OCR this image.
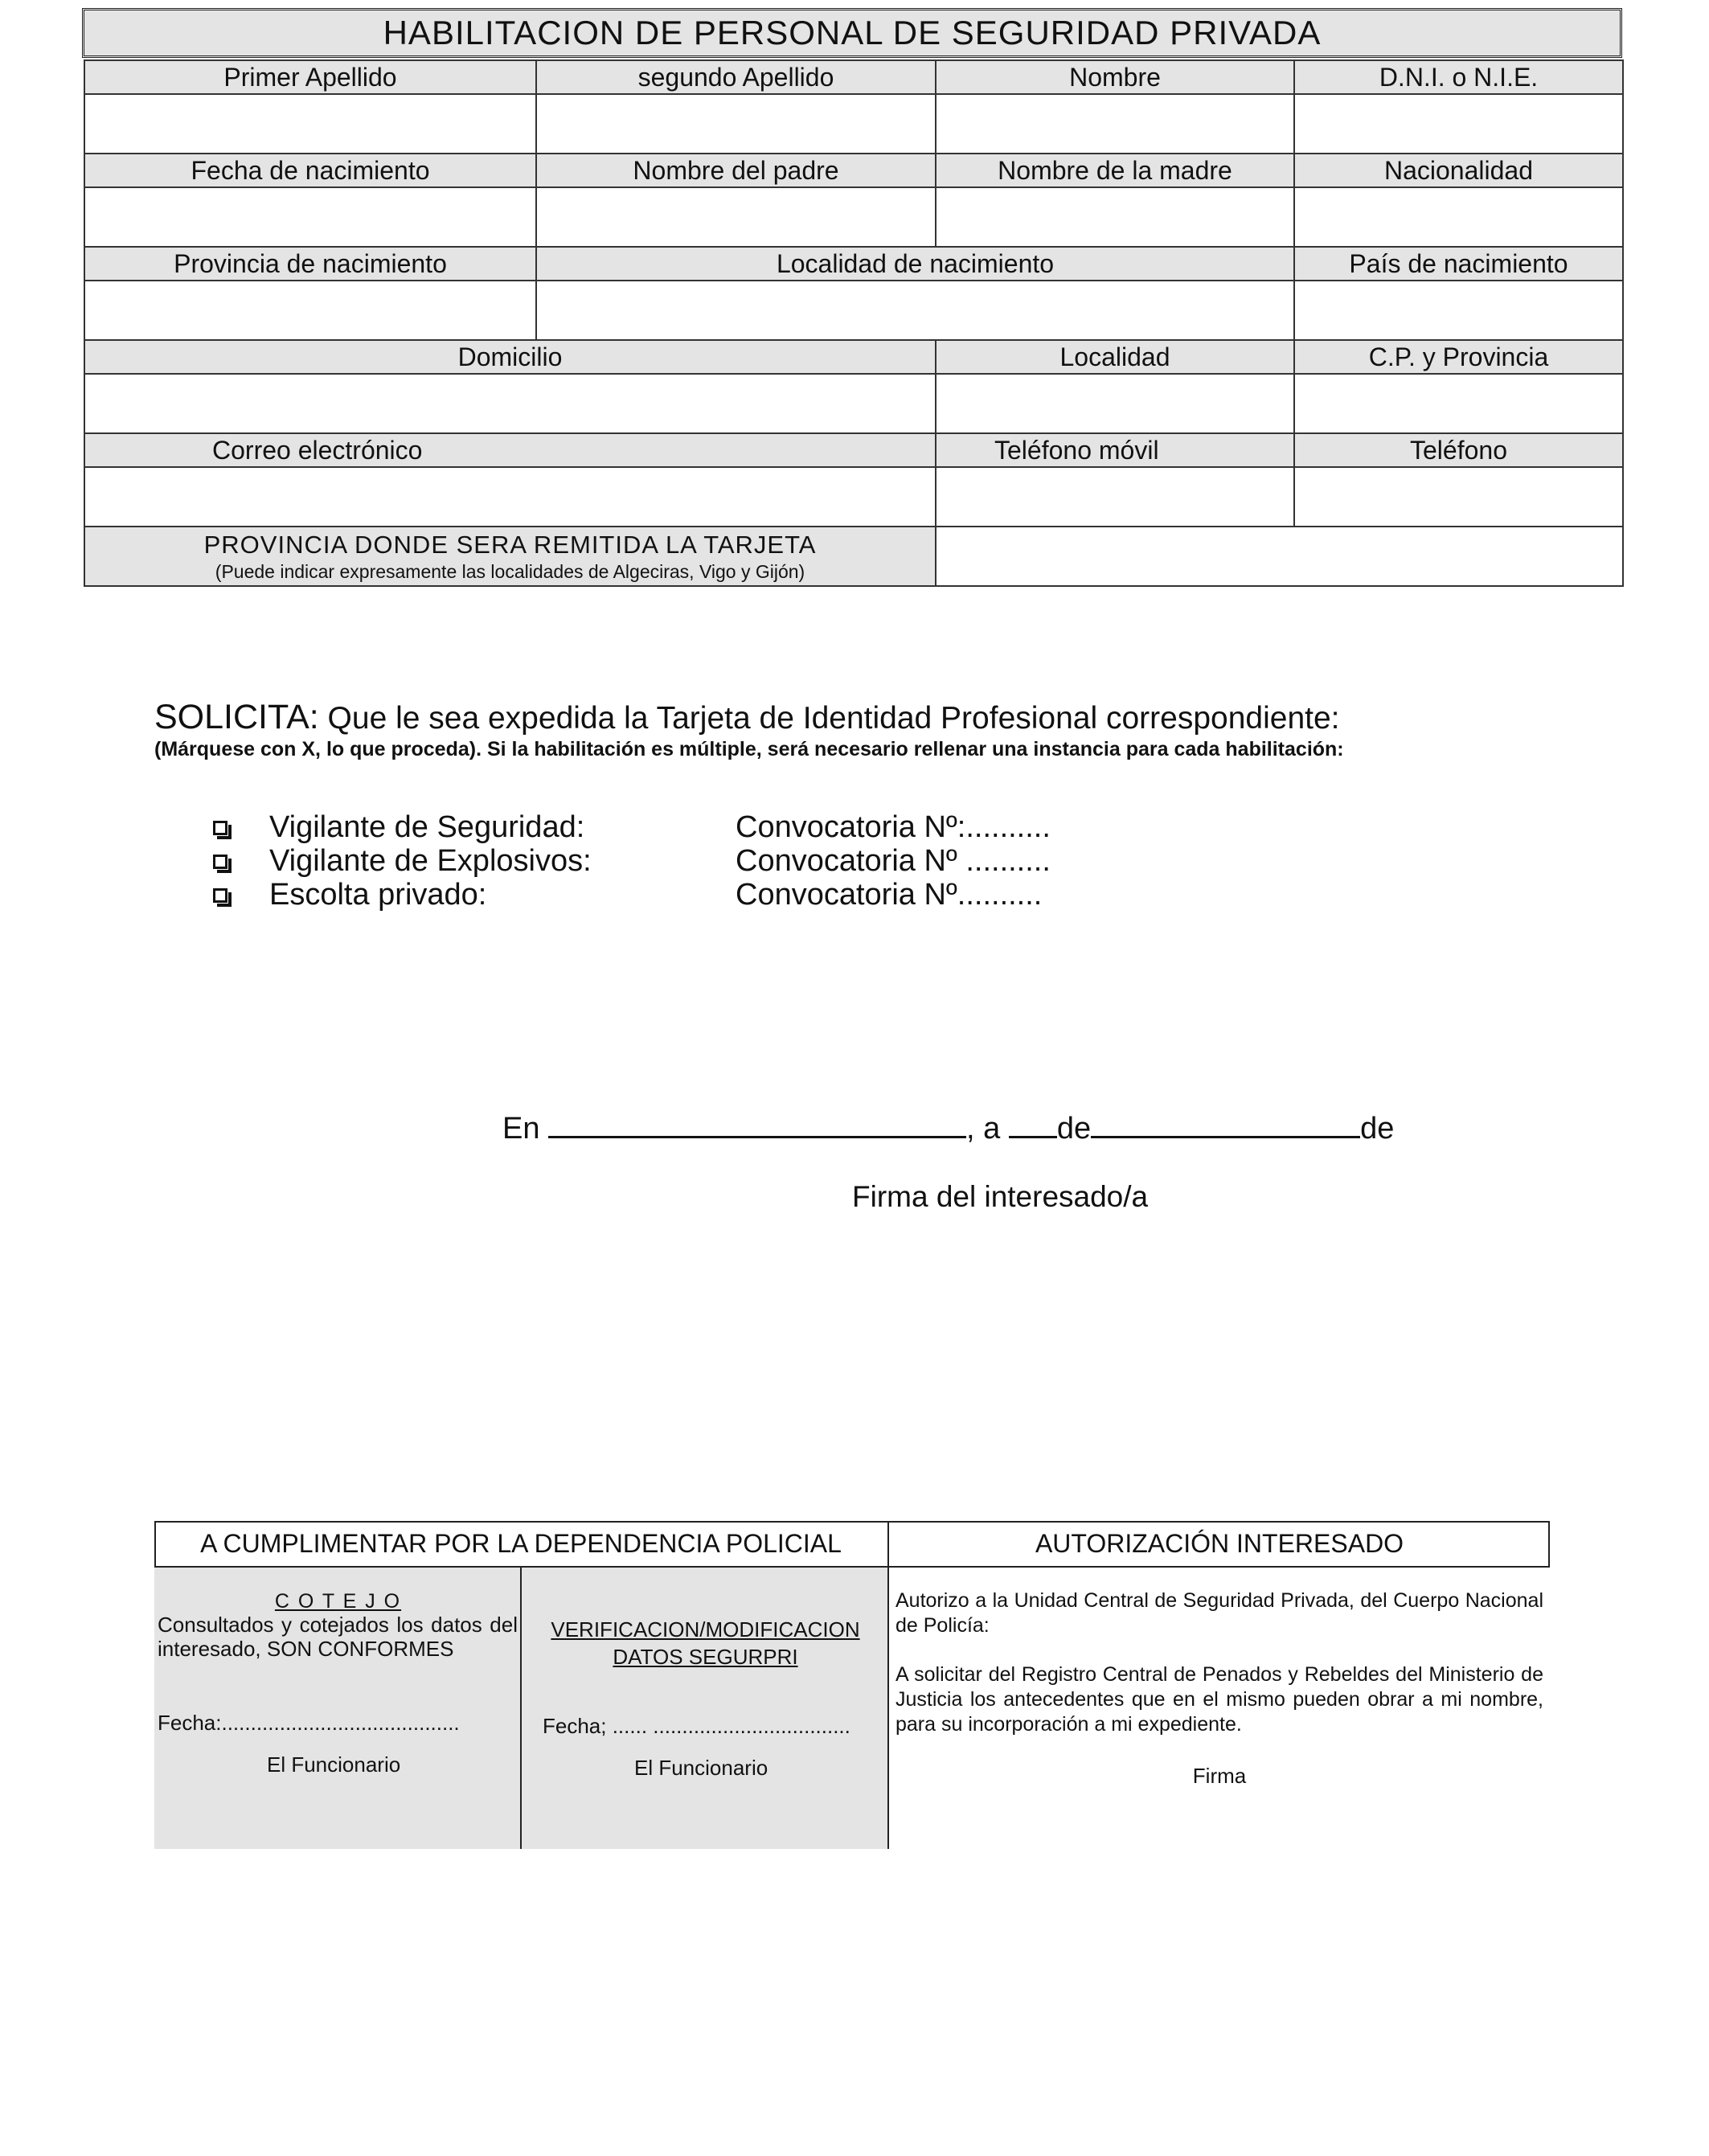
HABILITACION DE PERSONAL DE SEGURIDAD PRIVADA
Primer Apellido	segundo Apellido	Nombre	D.N.I. o N.I.E.

Fecha de nacimiento	Nombre del padre	Nombre de la madre	Nacionalidad

Provincia de nacimiento	Localidad de nacimiento		País de nacimiento

Domicilio		Localidad	C.P. y Provincia

Correo electrónico		Teléfono móvil	Teléfono

PROVINCIA DONDE SERA REMITIDA LA TARJETA
(Puede indicar expresamente las localidades de Algeciras, Vigo y Gijón)			

SOLICITA: Que le sea expedida la Tarjeta de Identidad Profesional correspondiente:
(Márquese con X, lo que proceda). Si la habilitación es múltiple, será necesario rellenar una instancia para cada habilitación:
Vigilante de Seguridad:	Convocatoria Nº:..........
Vigilante de Explosivos:	Convocatoria Nº ..........
Escolta privado:	Convocatoria Nº..........
En	, a de	de
Firma del interesado/a
A CUMPLIMENTAR POR LA DEPENDENCIA POLICIAL	AUTORIZACIÓN INTERESADO
C O T E J O
Consultados y cotejados los datos del interesado, SON CONFORMES
Fecha:.........................................
El Funcionario
VERIFICACION/MODIFICACION DATOS SEGURPRI
Fecha; ...... ..................................
El Funcionario
Autorizo a la Unidad Central de Seguridad Privada, del Cuerpo Nacional de Policía:
A solicitar del Registro Central de Penados y Rebeldes del Ministerio de Justicia los antecedentes que en el mismo pueden obrar a mi nombre, para su incorporación a mi expediente.
Firma
